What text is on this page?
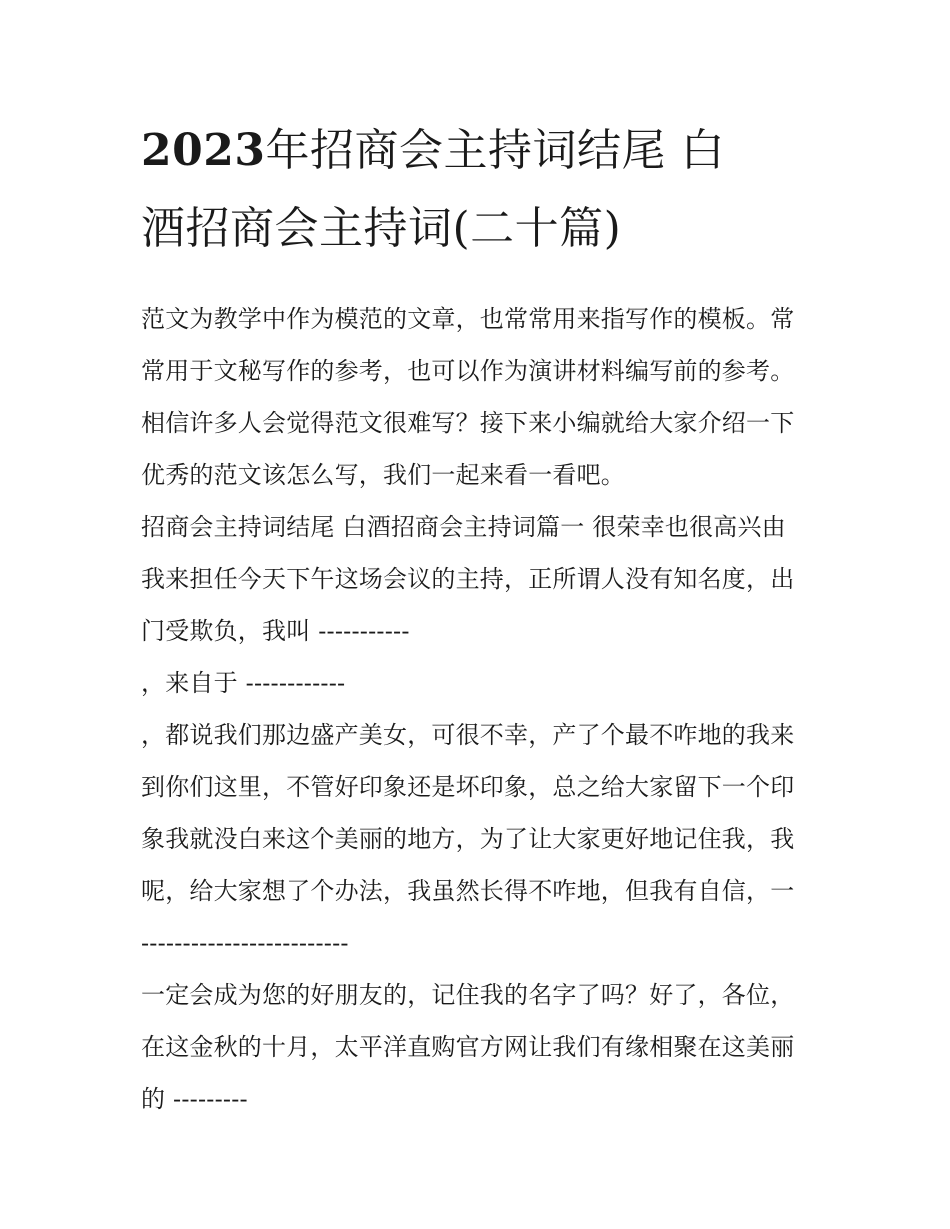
2023年招商会主持词结尾 白
酒招商会主持词(二十篇)
范文为教学中作为模范的文章，也常常用来指写作的模板。常
常用于文秘写作的参考，也可以作为演讲材料编写前的参考。
相信许多人会觉得范文很难写？接下来小编就给大家介绍一下
优秀的范文该怎么写，我们一起来看一看吧。
招商会主持词结尾 白酒招商会主持词篇一 很荣幸也很高兴由
我来担任今天下午这场会议的主持，正所谓人没有知名度，出
门受欺负，我叫 -----------
，来自于 ------------
，都说我们那边盛产美女，可很不幸，产了个最不咋地的我来
到你们这里，不管好印象还是坏印象，总之给大家留下一个印
象我就没白来这个美丽的地方，为了让大家更好地记住我，我
呢，给大家想了个办法，我虽然长得不咋地，但我有自信，一
-------------------------
一定会成为您的好朋友的，记住我的名字了吗？好了，各位，
在这金秋的十月，太平洋直购官方网让我们有缘相聚在这美丽
的 ---------
